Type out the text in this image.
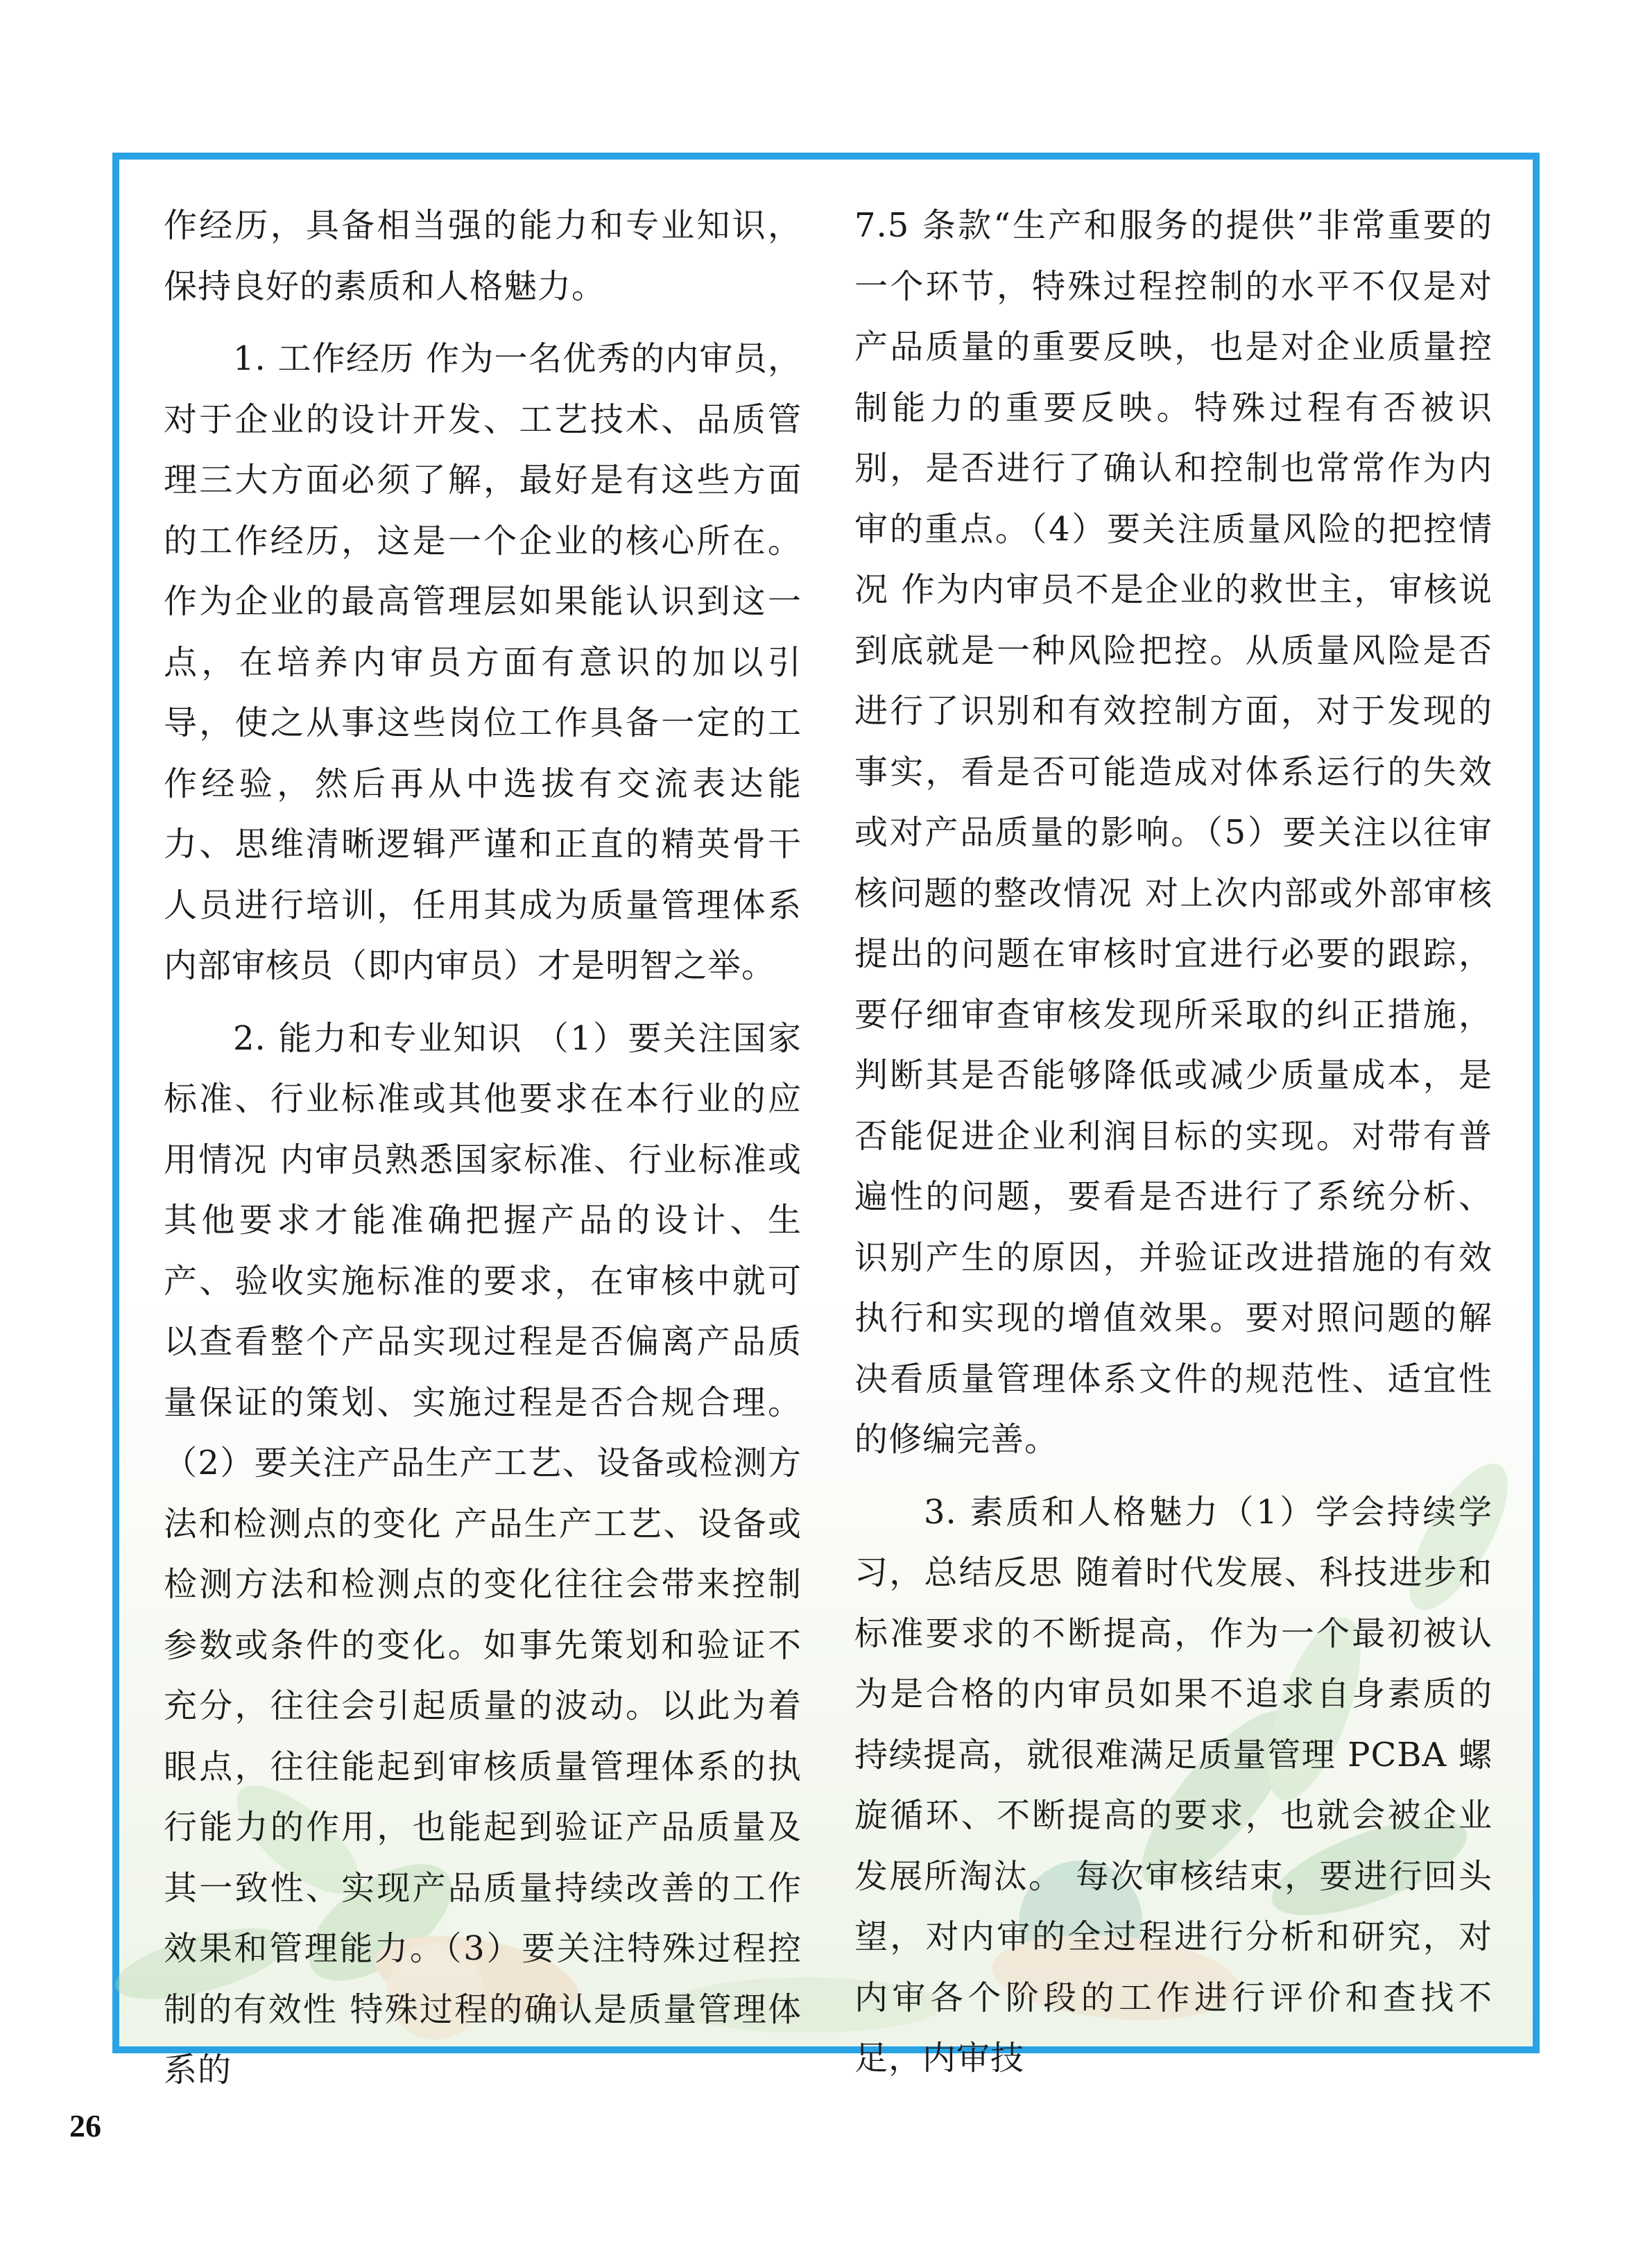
作经历，具备相当强的能力和专业知识，保持良好的素质和人格魅力。

1. 工作经历 作为一名优秀的内审员，对于企业的设计开发、工艺技术、品质管理三大方面必须了解，最好是有这些方面的工作经历，这是一个企业的核心所在。作为企业的最高管理层如果能认识到这一点，在培养内审员方面有意识的加以引导，使之从事这些岗位工作具备一定的工作经验，然后再从中选拔有交流表达能力、思维清晰逻辑严谨和正直的精英骨干人员进行培训，任用其成为质量管理体系内部审核员（即内审员）才是明智之举。

2. 能力和专业知识 （1）要关注国家标准、行业标准或其他要求在本行业的应用情况 内审员熟悉国家标准、行业标准或其他要求才能准确把握产品的设计、生产、验收实施标准的要求，在审核中就可以查看整个产品实现过程是否偏离产品质量保证的策划、实施过程是否合规合理。（2）要关注产品生产工艺、设备或检测方法和检测点的变化 产品生产工艺、设备或检测方法和检测点的变化往往会带来控制参数或条件的变化。如事先策划和验证不充分，往往会引起质量的波动。以此为着眼点，往往能起到审核质量管理体系的执行能力的作用，也能起到验证产品质量及其一致性、实现产品质量持续改善的工作效果和管理能力。（3）要关注特殊过程控制的有效性 特殊过程的确认是质量管理体系的

7.5 条款“生产和服务的提供”非常重要的一个环节，特殊过程控制的水平不仅是对产品质量的重要反映，也是对企业质量控制能力的重要反映。特殊过程有否被识别，是否进行了确认和控制也常常作为内审的重点。（4）要关注质量风险的把控情况 作为内审员不是企业的救世主，审核说到底就是一种风险把控。从质量风险是否进行了识别和有效控制方面，对于发现的事实，看是否可能造成对体系运行的失效或对产品质量的影响。（5）要关注以往审核问题的整改情况 对上次内部或外部审核提出的问题在审核时宜进行必要的跟踪，要仔细审查审核发现所采取的纠正措施，判断其是否能够降低或减少质量成本，是否能促进企业利润目标的实现。对带有普遍性的问题，要看是否进行了系统分析、识别产生的原因，并验证改进措施的有效执行和实现的增值效果。要对照问题的解决看质量管理体系文件的规范性、适宜性的修编完善。

3. 素质和人格魅力（1）学会持续学习，总结反思 随着时代发展、科技进步和标准要求的不断提高，作为一个最初被认为是合格的内审员如果不追求自身素质的持续提高，就很难满足质量管理 PCBA 螺旋循环、不断提高的要求，也就会被企业发展所淘汰。 每次审核结束，要进行回头望，对内审的全过程进行分析和研究，对内审各个阶段的工作进行评价和查找不足，内审技

26
